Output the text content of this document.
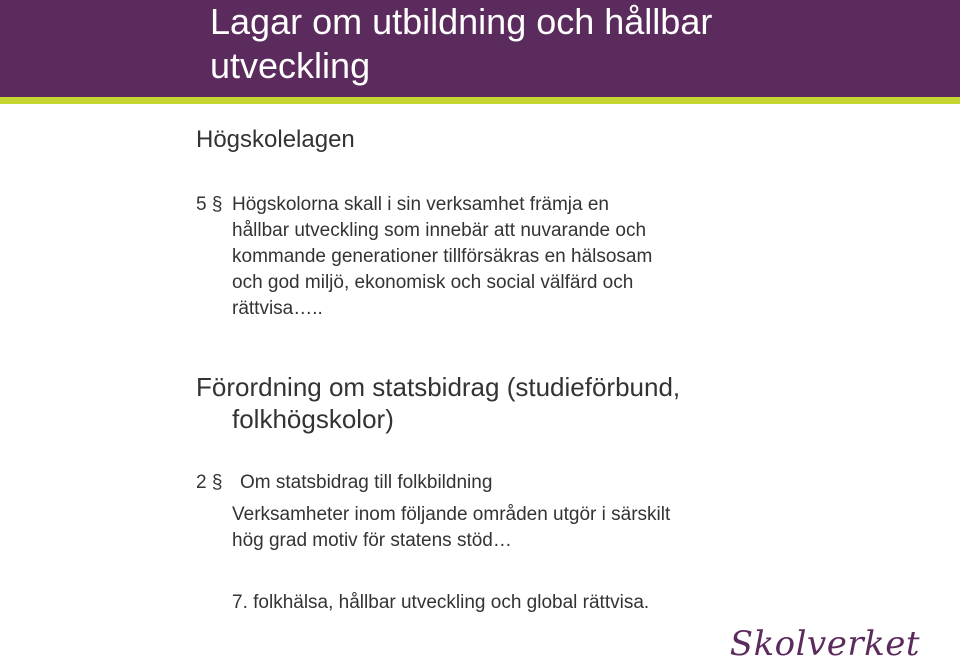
Lagar om utbildning och hållbar
utveckling
Högskolelagen
5 § Högskolorna skall i sin verksamhet främja en
hållbar utveckling som innebär att nuvarande och
kommande generationer tillförsäkras en hälsosam
och god miljö, ekonomisk och social välfärd och
rättvisa…..
Förordning om statsbidrag (studieförbund,
folkhögskolor)
2 § Om statsbidrag till folkbildning
Verksamheter inom följande områden utgör i särskilt
hög grad motiv för statens stöd…
7. folkhälsa, hållbar utveckling och global rättvisa.
Skolverket
